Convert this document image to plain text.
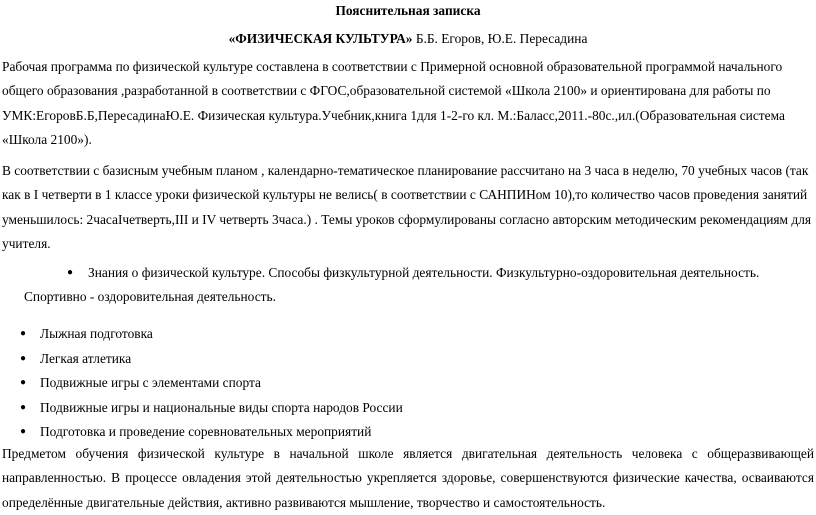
Пояснительная записка
«ФИЗИЧЕСКАЯ КУЛЬТУРА» Б.Б. Егоров, Ю.Е. Пересадина

Рабочая программа по физической культуре составлена в соответствии с Примерной основной образовательной программой начального общего образования ,разработанной в соответствии с ФГОС,образовательной системой «Школа 2100» и ориентирована для работы по УМК:ЕгоровБ.Б,ПересадинаЮ.Е. Физическая культура.Учебник,книга 1для 1-2-го кл. М.:Баласс,2011.-80с.,ил.(Образовательная система «Школа 2100»).

В соответствии с базисным учебным планом , календарно-тематическое планирование рассчитано на 3 часа в неделю, 70 учебных часов (так как в I четверти в 1 классе уроки физической культуры не велись( в соответствии с САНПИНом 10),то количество часов проведения занятий уменьшилось: 2часаIчетверть,III и IV четверть 3часа.) . Темы уроков сформулированы согласно авторским методическим рекомендациям для учителя.

● Знания о физической культуре. Способы физкультурной деятельности. Физкультурно-оздоровительная деятельность.
Спортивно - оздоровительная деятельность.
● Лыжная подготовка
● Легкая атлетика
● Подвижные игры с элементами спорта
● Подвижные игры и национальные виды спорта народов России
● Подготовка и проведение соревновательных мероприятий

Предметом обучения физической культуре в начальной школе является двигательная деятельность человека с общеразвивающей направленностью. В процессе овладения этой деятельностью укрепляется здоровье, совершенствуются физические качества, осваиваются определённые двигательные действия, активно развиваются мышление, творчество и самостоятельность.
